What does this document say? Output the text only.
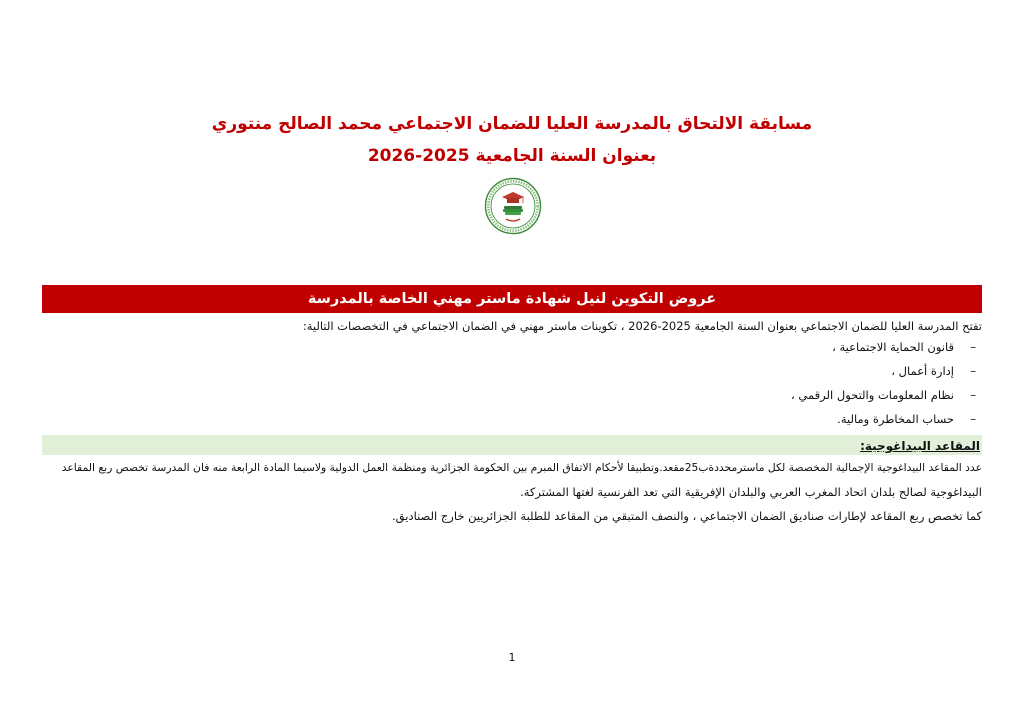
مسابقة الالتحاق بالمدرسة العليا للضمان الاجتماعي محمد الصالح منتوري
بعنوان السنة الجامعية 2025-2026
عروض التكوين لنيل شهادة ماستر مهني الخاصة بالمدرسة
تفتح المدرسة العليا للضمان الاجتماعي بعنوان السنة الجامعية 2025-2026 ، تكوينات ماستر مهني في الضمان الاجتماعي في التخصصات التالية:
–قانون الحماية الاجتماعية ،
–إدارة أعمال ،
–نظام المعلومات والتحول الرقمي ،
–حساب المخاطرة ومالية.
المقاعد البيداغوجية:
عدد المقاعد البيداغوجية الإجمالية المخصصة لكل ماسترمحددةب25مقعد.وتطبيقا لأحكام الاتفاق المبرم بين الحكومة الجزائرية ومنظمة العمل الدولية ولاسيما المادة الرابعة منه فان المدرسة تخصص ربع المقاعد
البيداغوجية لصالح بلدان اتحاد المغرب العربي والبلدان الإفريقية التي تعد الفرنسية لغتها المشتركة.
كما تخصص ربع المقاعد لإطارات صناديق الضمان الاجتماعي ، والنصف المتبقي من المقاعد للطلبة الجزائريين خارج الصناديق.
1
